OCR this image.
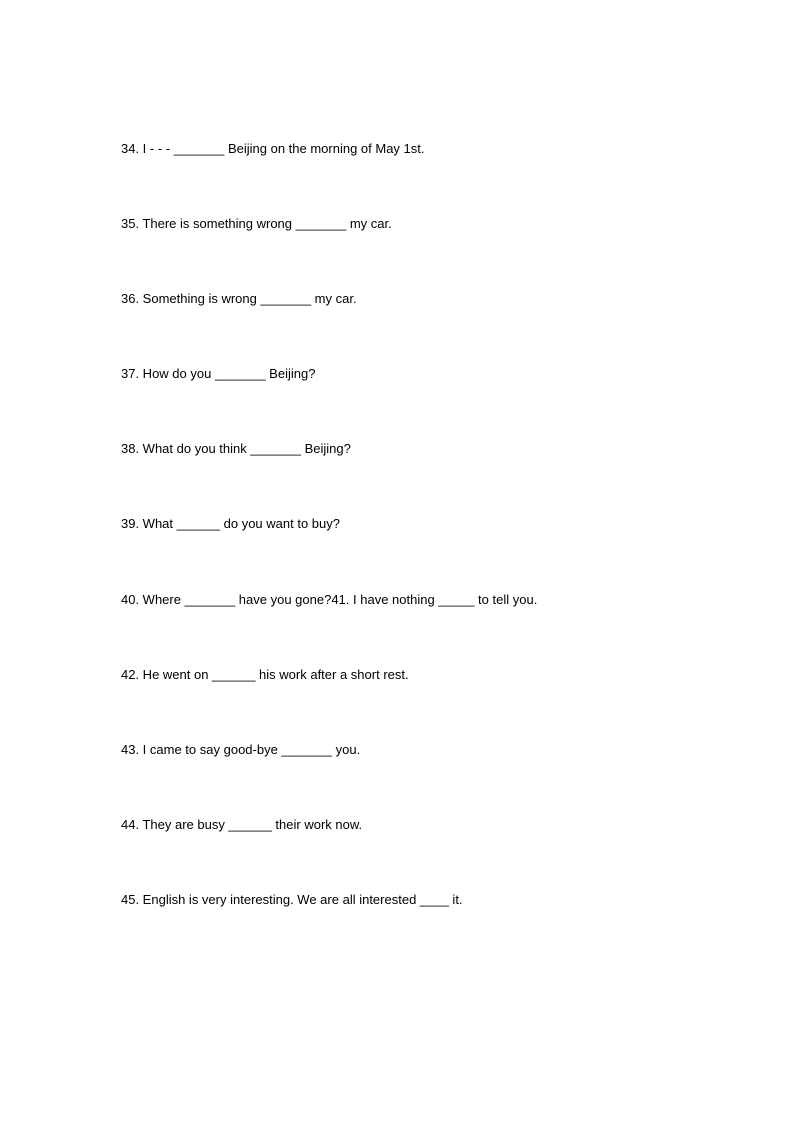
34. I - - - _______ Beijing on the morning of May 1st.
35. There is something wrong _______ my car.
36. Something is wrong _______ my car.
37. How do you _______ Beijing?
38. What do you think _______ Beijing?
39. What ______ do you want to buy?
40. Where _______ have you gone?41. I have nothing _____ to tell you.
42. He went on ______ his work after a short rest.
43. I came to say good-bye _______ you.
44. They are busy ______ their work now.
45. English is very interesting. We are all interested ____ it.
